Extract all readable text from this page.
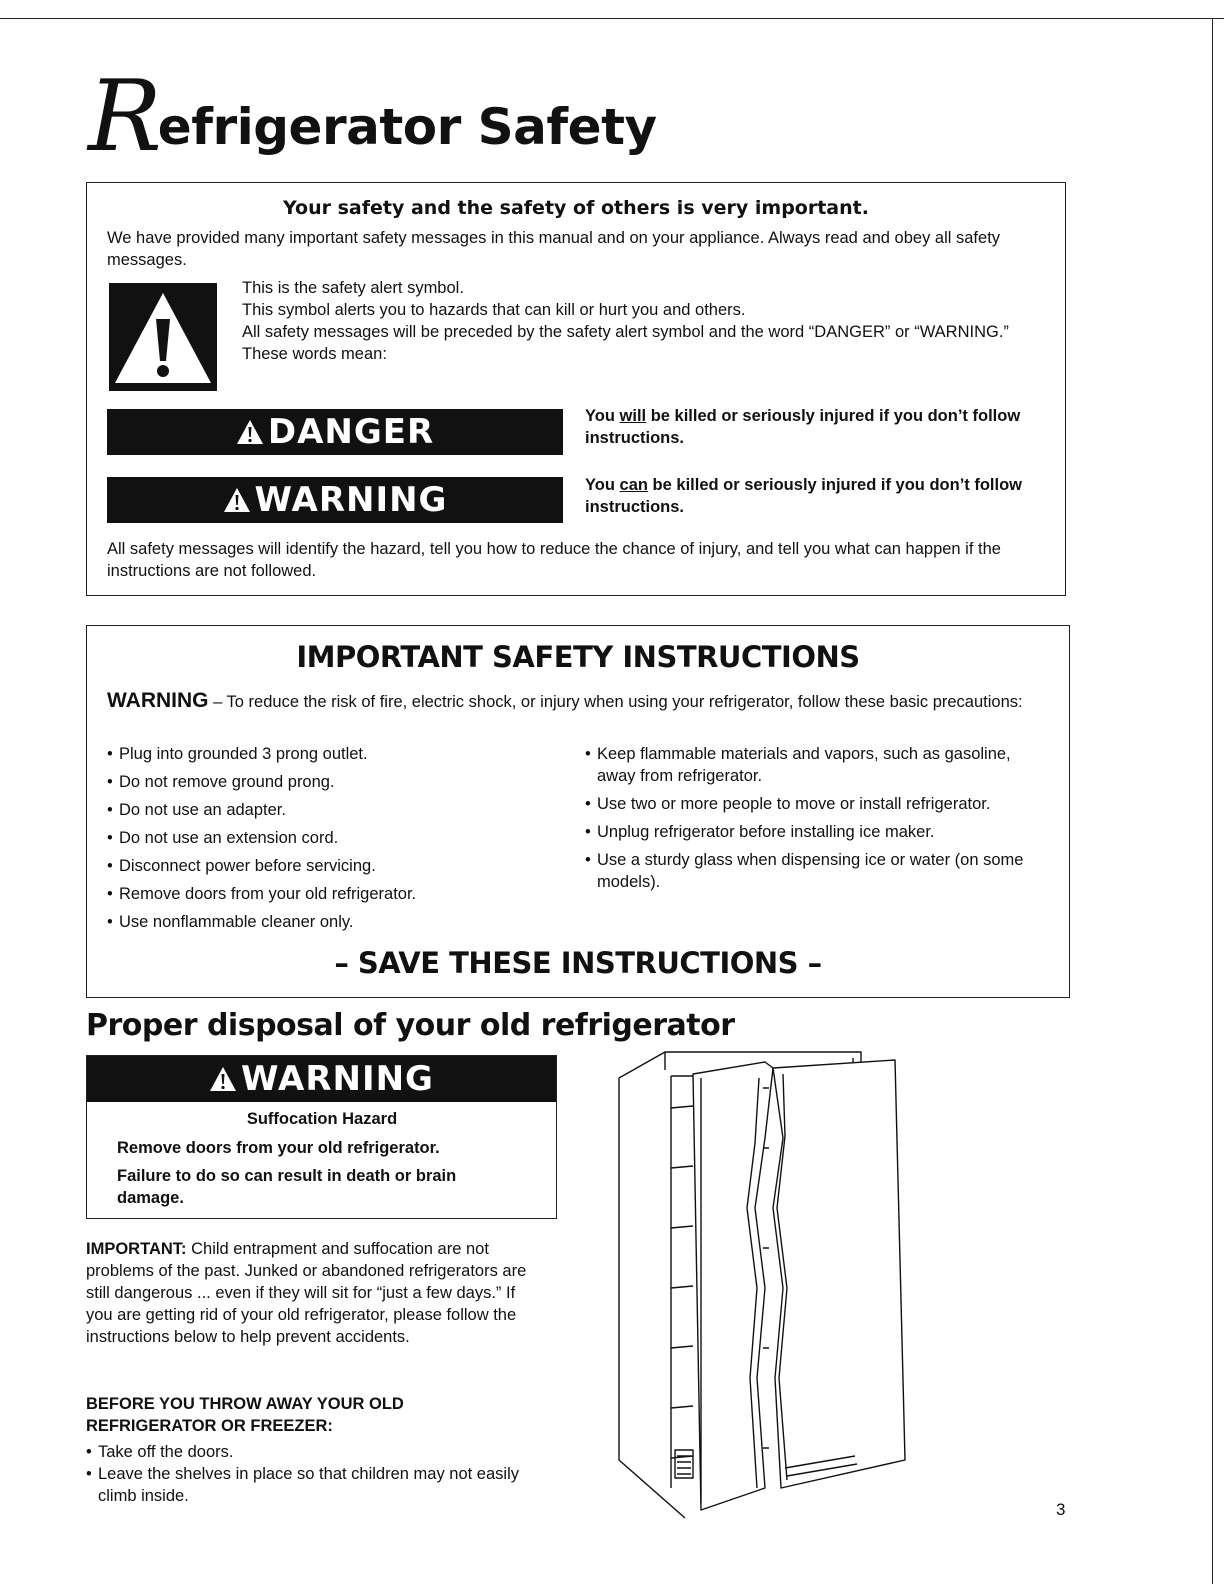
Refrigerator Safety
Your safety and the safety of others is very important.
We have provided many important safety messages in this manual and on your appliance. Always read and obey all safety messages.
This is the safety alert symbol.
This symbol alerts you to hazards that can kill or hurt you and others.
All safety messages will be preceded by the safety alert symbol and the word “DANGER” or “WARNING.” These words mean:
DANGER	You will be killed or seriously injured if you don’t follow instructions.
WARNING	You can be killed or seriously injured if you don’t follow instructions.
All safety messages will identify the hazard, tell you how to reduce the chance of injury, and tell you what can happen if the instructions are not followed.
IMPORTANT SAFETY INSTRUCTIONS
WARNING – To reduce the risk of fire, electric shock, or injury when using your refrigerator, follow these basic precautions:
• Plug into grounded 3 prong outlet.
• Do not remove ground prong.
• Do not use an adapter.
• Do not use an extension cord.
• Disconnect power before servicing.
• Remove doors from your old refrigerator.
• Use nonflammable cleaner only.
• Keep flammable materials and vapors, such as gasoline, away from refrigerator.
• Use two or more people to move or install refrigerator.
• Unplug refrigerator before installing ice maker.
• Use a sturdy glass when dispensing ice or water (on some models).
– SAVE THESE INSTRUCTIONS –
Proper disposal of your old refrigerator
WARNING
Suffocation Hazard
Remove doors from your old refrigerator.
Failure to do so can result in death or brain damage.
IMPORTANT: Child entrapment and suffocation are not problems of the past. Junked or abandoned refrigerators are still dangerous ... even if they will sit for “just a few days.” If you are getting rid of your old refrigerator, please follow the instructions below to help prevent accidents.
BEFORE YOU THROW AWAY YOUR OLD REFRIGERATOR OR FREEZER:
• Take off the doors.
• Leave the shelves in place so that children may not easily climb inside.
3
